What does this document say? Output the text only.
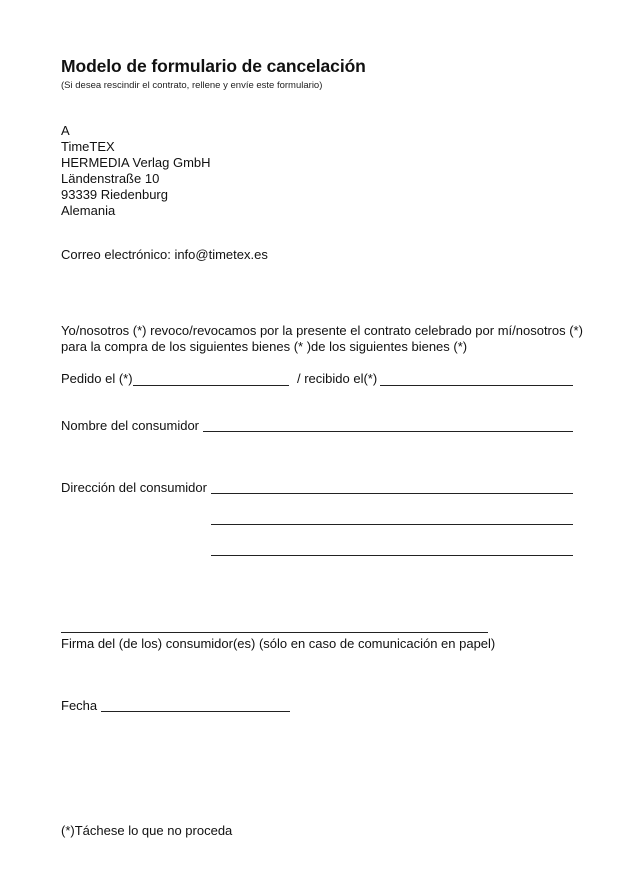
Modelo de formulario de cancelación
(Si desea rescindir el contrato, rellene y envíe este formulario)
A
TimeTEX
HERMEDIA Verlag GmbH
Ländenstraße 10
93339 Riedenburg
Alemania
Correo electrónico: info@timetex.es
Yo/nosotros (*) revoco/revocamos por la presente el contrato celebrado por mí/nosotros (*)
para la compra de los siguientes bienes (* )de los siguientes bienes (*)
Pedido el (*)	/ recibido el(*)
Nombre del consumidor
Dirección del consumidor
Firma del (de los) consumidor(es) (sólo en caso de comunicación en papel)
Fecha
(*)Táchese lo que no proceda
